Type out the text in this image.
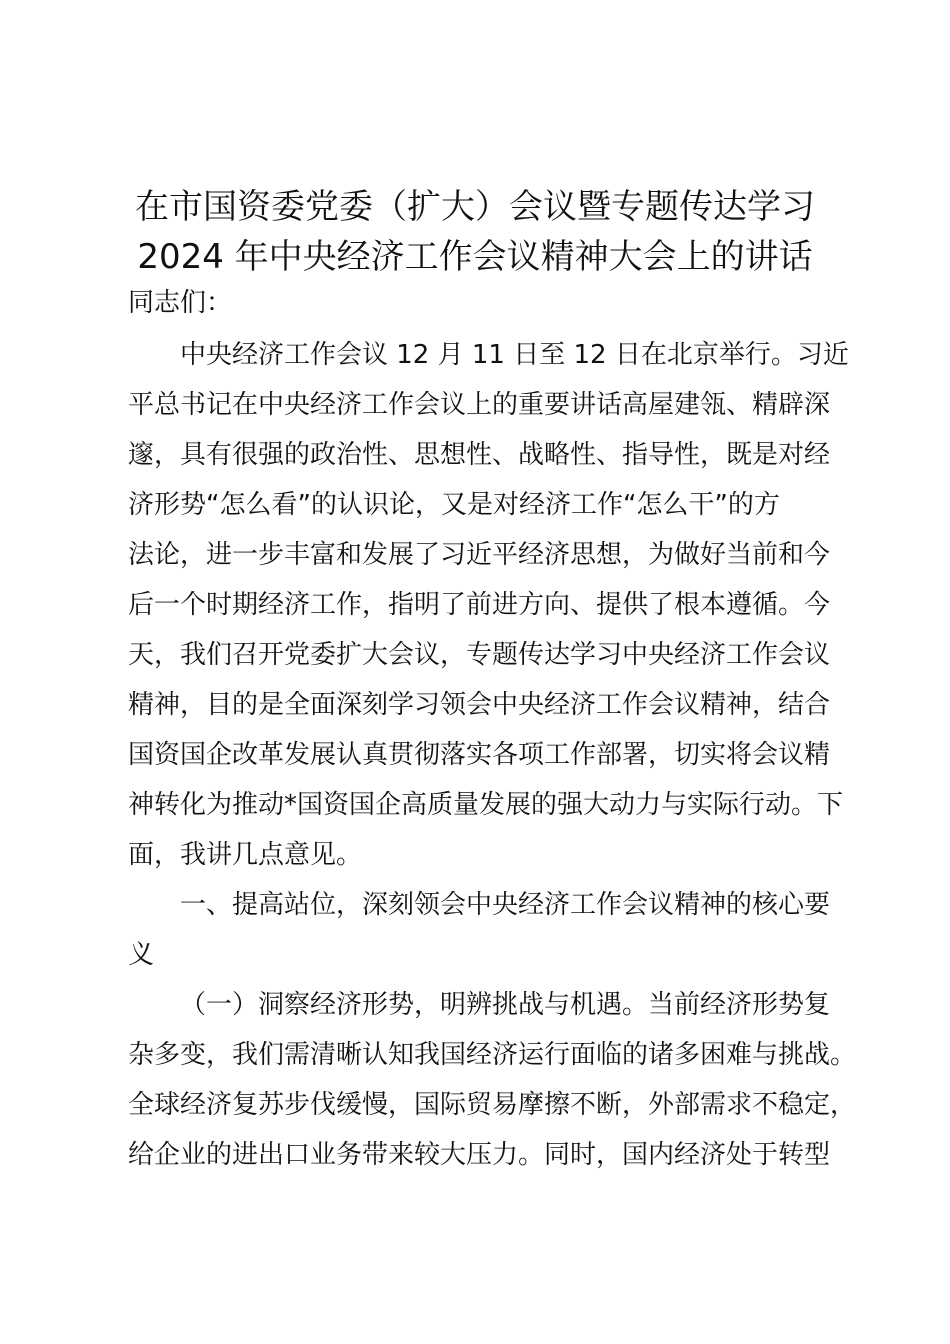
在市国资委党委（扩大）会议暨专题传达学习
2024 年中央经济工作会议精神大会上的讲话
同志们：
中央经济工作会议 12 月 11 日至 12 日在北京举行。习近
平总书记在中央经济工作会议上的重要讲话高屋建瓴、精辟深
邃，具有很强的政治性、思想性、战略性、指导性，既是对经
济形势“怎么看”的认识论，又是对经济工作“怎么干”的方
法论，进一步丰富和发展了习近平经济思想，为做好当前和今
后一个时期经济工作，指明了前进方向、提供了根本遵循。今
天，我们召开党委扩大会议，专题传达学习中央经济工作会议
精神，目的是全面深刻学习领会中央经济工作会议精神，结合
国资国企改革发展认真贯彻落实各项工作部署，切实将会议精
神转化为推动*国资国企高质量发展的强大动力与实际行动。下
面，我讲几点意见。
一、提高站位，深刻领会中央经济工作会议精神的核心要
义
（一）洞察经济形势，明辨挑战与机遇。当前经济形势复
杂多变，我们需清晰认知我国经济运行面临的诸多困难与挑战。
全球经济复苏步伐缓慢，国际贸易摩擦不断，外部需求不稳定，
给企业的进出口业务带来较大压力。同时，国内经济处于转型
